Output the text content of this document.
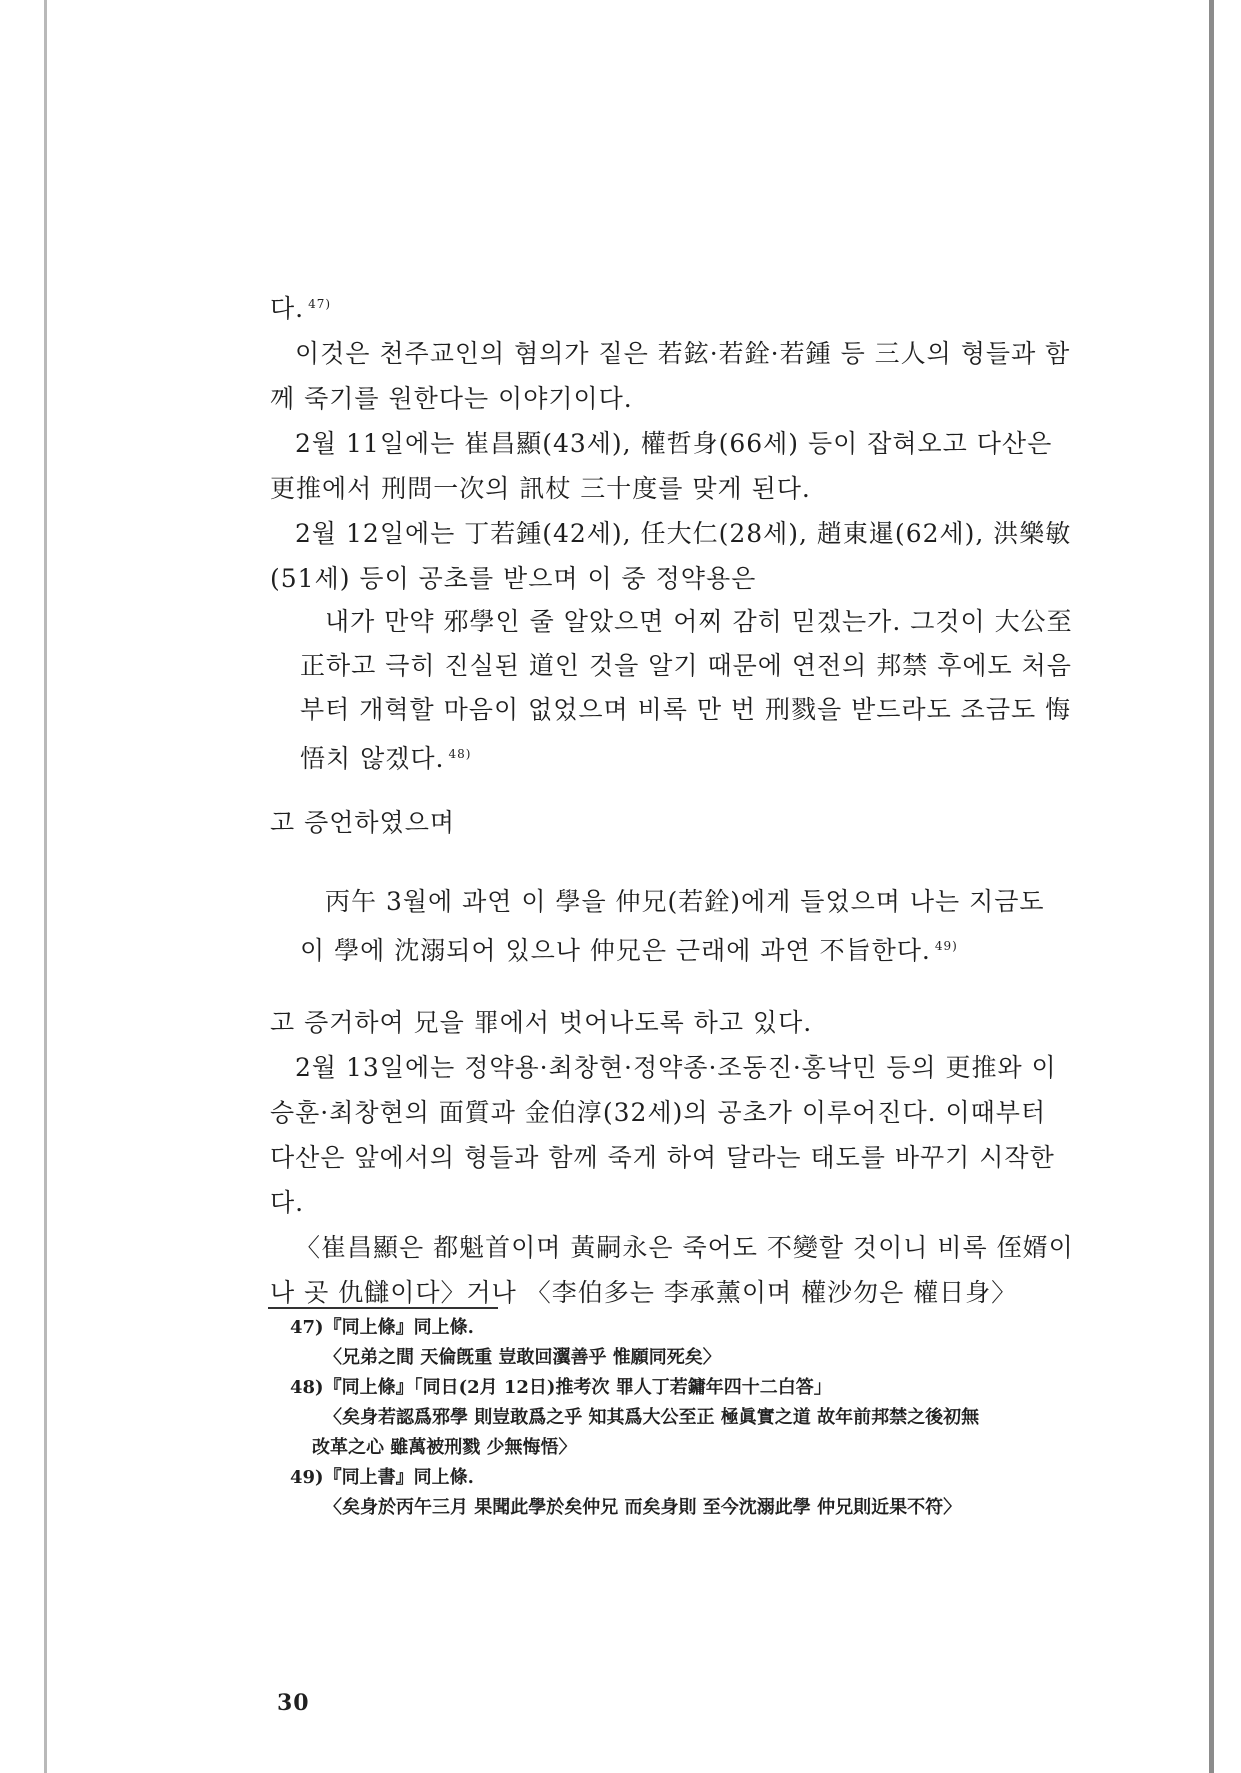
다. $^{47)}$

이것은 천주교인의 혐의가 짙은 若鉉·若銓·若鍾 등 三人의 형들과 함께 죽기를 원한다는 이야기이다.

2월 11일에는 崔昌顯(43세), 權哲身(66세) 등이 잡혀오고 다산은 更推에서 刑問一次의 訊杖 三十度를 맞게 된다.

2월 12일에는 丁若鍾(42세), 任大仁(28세), 趙東暹(62세), 洪樂敏(51세) 등이 공초를 받으며 이 중 정약용은

내가 만약 邪學인 줄 알았으면 어찌 감히 믿겠는가. 그것이 大公至正하고 극히 진실된 道인 것을 알기 때문에 연전의 邦禁 후에도 처음부터 개혁할 마음이 없었으며 비록 만 번 刑戮을 받드라도 조금도 悔悟치 않겠다. $^{48)}$

고 증언하였으며

丙午 3월에 과연 이 學을 仲兄(若銓)에게 들었으며 나는 지금도 이 學에 沈溺되어 있으나 仲兄은 근래에 과연 不旨한다. $^{49)}$

고 증거하여 兄을 罪에서 벗어나도록 하고 있다.

2월 13일에는 정약용·최창현·정약종·조동진·홍낙민 등의 更推와 이승훈·최창현의 面質과 金伯淳(32세)의 공초가 이루어진다. 이때부터 다산은 앞에서의 형들과 함께 죽게 하여 달라는 태도를 바꾸기 시작한다.

〈崔昌顯은 都魁首이며 黃嗣永은 죽어도 不變할 것이니 비록 侄婿이나 곳 仇讎이다〉거나 〈李伯多는 李承薰이며 權沙勿은 權日身〉

47)『同上條』同上條.

〈兄弟之間 天倫旣重 豈敢回瀷善乎 惟願同死矣〉

48)『同上條』「同日(2月 12日)推考次 罪人丁若鏞年四十二白答」

〈矣身若認爲邪學 則豈敢爲之乎 知其爲大公至正 極眞實之道 故年前邦禁之後初無

改革之心 雖萬被刑戮 少無悔悟〉

49)『同上書』同上條.

〈矣身於丙午三月 果聞此學於矣仲兄 而矣身則 至今沈溺此學 仲兄則近果不符〉

30
